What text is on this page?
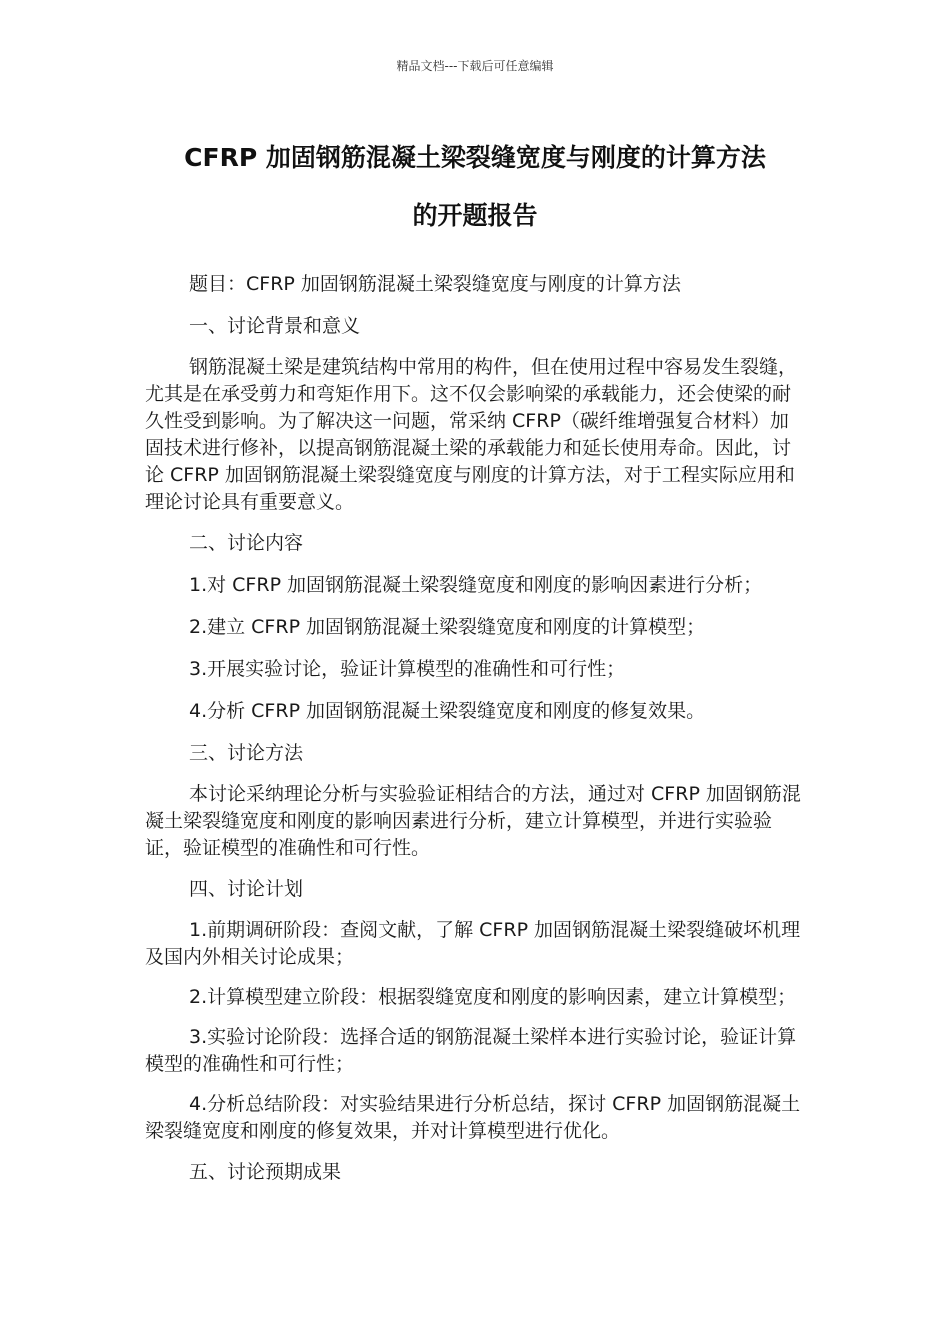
精品文档---下载后可任意编辑
CFRP 加固钢筋混凝土梁裂缝宽度与刚度的计算方法
的开题报告

题目：CFRP 加固钢筋混凝土梁裂缝宽度与刚度的计算方法

一、讨论背景和意义

钢筋混凝土梁是建筑结构中常用的构件，但在使用过程中容易发生裂缝，尤其是在承受剪力和弯矩作用下。这不仅会影响梁的承载能力，还会使梁的耐久性受到影响。为了解决这一问题，常采纳 CFRP（碳纤维增强复合材料）加固技术进行修补，以提高钢筋混凝土梁的承载能力和延长使用寿命。因此，讨论 CFRP 加固钢筋混凝土梁裂缝宽度与刚度的计算方法，对于工程实际应用和理论讨论具有重要意义。

二、讨论内容

1.对 CFRP 加固钢筋混凝土梁裂缝宽度和刚度的影响因素进行分析；

2.建立 CFRP 加固钢筋混凝土梁裂缝宽度和刚度的计算模型；

3.开展实验讨论，验证计算模型的准确性和可行性；

4.分析 CFRP 加固钢筋混凝土梁裂缝宽度和刚度的修复效果。

三、讨论方法

本讨论采纳理论分析与实验验证相结合的方法，通过对 CFRP 加固钢筋混凝土梁裂缝宽度和刚度的影响因素进行分析，建立计算模型，并进行实验验证，验证模型的准确性和可行性。

四、讨论计划

1.前期调研阶段：查阅文献，了解 CFRP 加固钢筋混凝土梁裂缝破坏机理及国内外相关讨论成果；

2.计算模型建立阶段：根据裂缝宽度和刚度的影响因素，建立计算模型；

3.实验讨论阶段：选择合适的钢筋混凝土梁样本进行实验讨论，验证计算模型的准确性和可行性；

4.分析总结阶段：对实验结果进行分析总结，探讨 CFRP 加固钢筋混凝土梁裂缝宽度和刚度的修复效果，并对计算模型进行优化。

五、讨论预期成果
